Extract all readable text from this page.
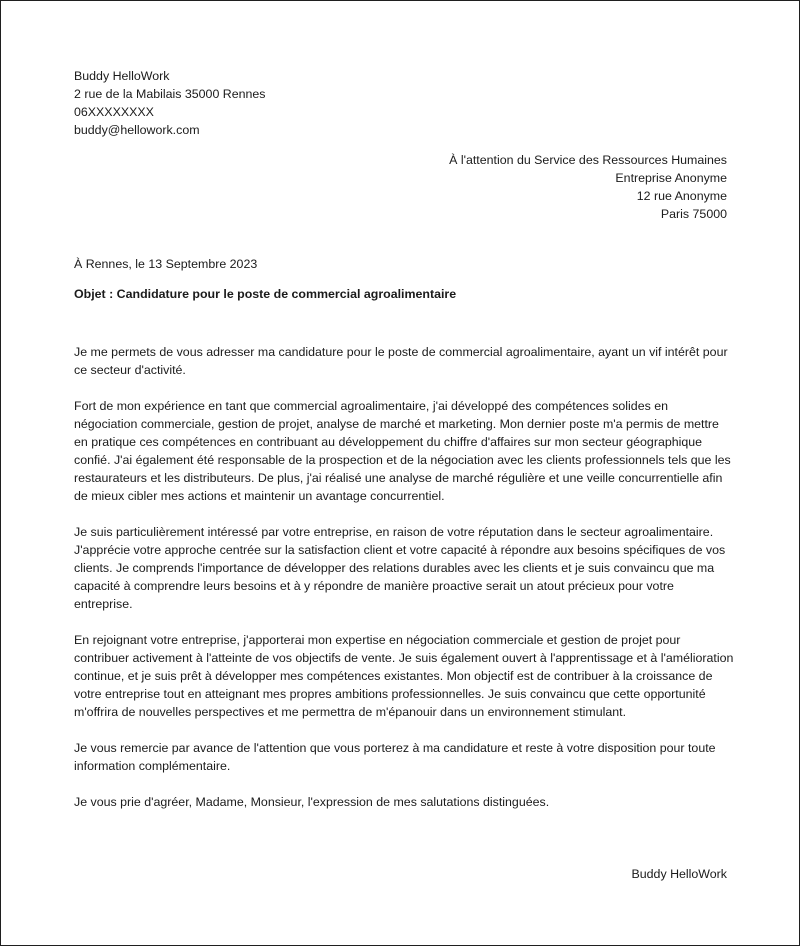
Buddy HelloWork
2 rue de la Mabilais 35000 Rennes
06XXXXXXXX
buddy@hellowork.com
À l'attention du Service des Ressources Humaines
Entreprise Anonyme
12 rue Anonyme
Paris 75000
À Rennes, le 13 Septembre 2023
Objet : Candidature pour le poste de commercial agroalimentaire

Je me permets de vous adresser ma candidature pour le poste de commercial agroalimentaire, ayant un vif intérêt pour ce secteur d'activité.

Fort de mon expérience en tant que commercial agroalimentaire, j'ai développé des compétences solides en négociation commerciale, gestion de projet, analyse de marché et marketing. Mon dernier poste m'a permis de mettre en pratique ces compétences en contribuant au développement du chiffre d'affaires sur mon secteur géographique confié. J'ai également été responsable de la prospection et de la négociation avec les clients professionnels tels que les restaurateurs et les distributeurs. De plus, j'ai réalisé une analyse de marché régulière et une veille concurrentielle afin de mieux cibler mes actions et maintenir un avantage concurrentiel.

Je suis particulièrement intéressé par votre entreprise, en raison de votre réputation dans le secteur agroalimentaire. J'apprécie votre approche centrée sur la satisfaction client et votre capacité à répondre aux besoins spécifiques de vos clients. Je comprends l'importance de développer des relations durables avec les clients et je suis convaincu que ma capacité à comprendre leurs besoins et à y répondre de manière proactive serait un atout précieux pour votre entreprise.

En rejoignant votre entreprise, j'apporterai mon expertise en négociation commerciale et gestion de projet pour contribuer activement à l'atteinte de vos objectifs de vente. Je suis également ouvert à l'apprentissage et à l'amélioration continue, et je suis prêt à développer mes compétences existantes. Mon objectif est de contribuer à la croissance de votre entreprise tout en atteignant mes propres ambitions professionnelles. Je suis convaincu que cette opportunité m'offrira de nouvelles perspectives et me permettra de m'épanouir dans un environnement stimulant.

Je vous remercie par avance de l'attention que vous porterez à ma candidature et reste à votre disposition pour toute information complémentaire.

Je vous prie d'agréer, Madame, Monsieur, l'expression de mes salutations distinguées.

Buddy HelloWork
